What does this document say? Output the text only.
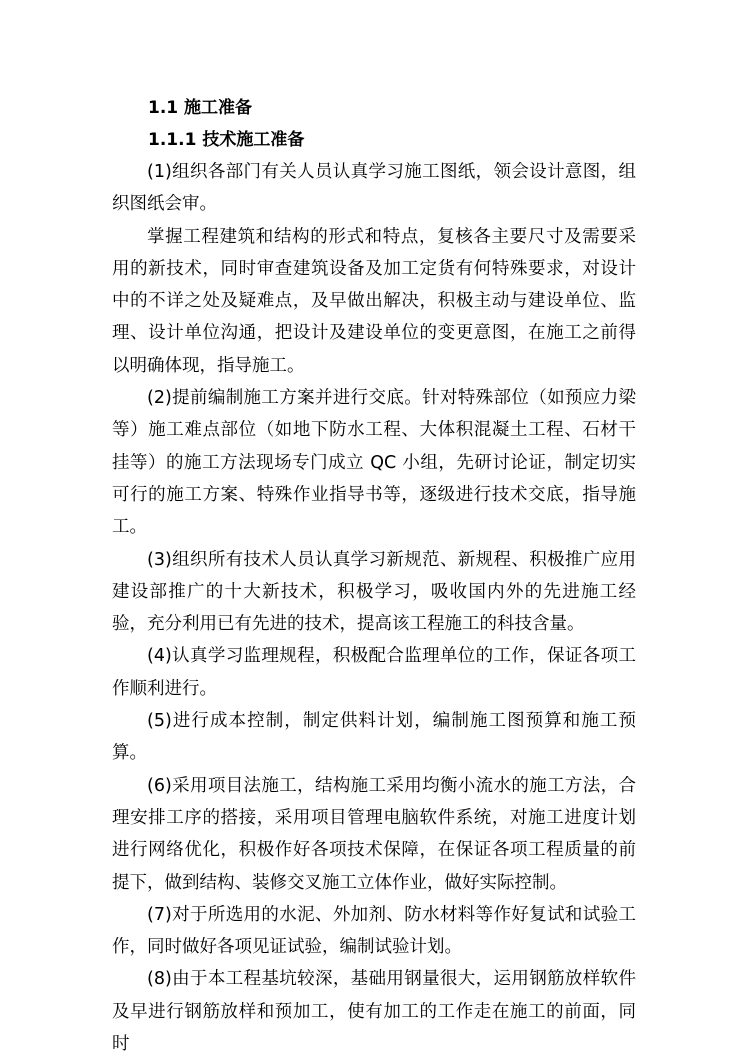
1.1 施工准备

1.1.1 技术施工准备

(1)组织各部门有关人员认真学习施工图纸，领会设计意图，组织图纸会审。

掌握工程建筑和结构的形式和特点，复核各主要尺寸及需要采用的新技术，同时审查建筑设备及加工定货有何特殊要求，对设计中的不详之处及疑难点，及早做出解决，积极主动与建设单位、监理、设计单位沟通，把设计及建设单位的变更意图，在施工之前得以明确体现，指导施工。

(2)提前编制施工方案并进行交底。针对特殊部位（如预应力梁等）施工难点部位（如地下防水工程、大体积混凝土工程、石材干挂等）的施工方法现场专门成立 QC 小组，先研讨论证，制定切实可行的施工方案、特殊作业指导书等，逐级进行技术交底，指导施工。

(3)组织所有技术人员认真学习新规范、新规程、积极推广应用建设部推广的十大新技术，积极学习，吸收国内外的先进施工经验，充分利用已有先进的技术，提高该工程施工的科技含量。

(4)认真学习监理规程，积极配合监理单位的工作，保证各项工作顺利进行。

(5)进行成本控制，制定供料计划，编制施工图预算和施工预算。

(6)采用项目法施工，结构施工采用均衡小流水的施工方法，合理安排工序的搭接，采用项目管理电脑软件系统，对施工进度计划进行网络优化，积极作好各项技术保障，在保证各项工程质量的前提下，做到结构、装修交叉施工立体作业，做好实际控制。

(7)对于所选用的水泥、外加剂、防水材料等作好复试和试验工作，同时做好各项见证试验，编制试验计划。

(8)由于本工程基坑较深，基础用钢量很大，运用钢筋放样软件及早进行钢筋放样和预加工，使有加工的工作走在施工的前面，同时
